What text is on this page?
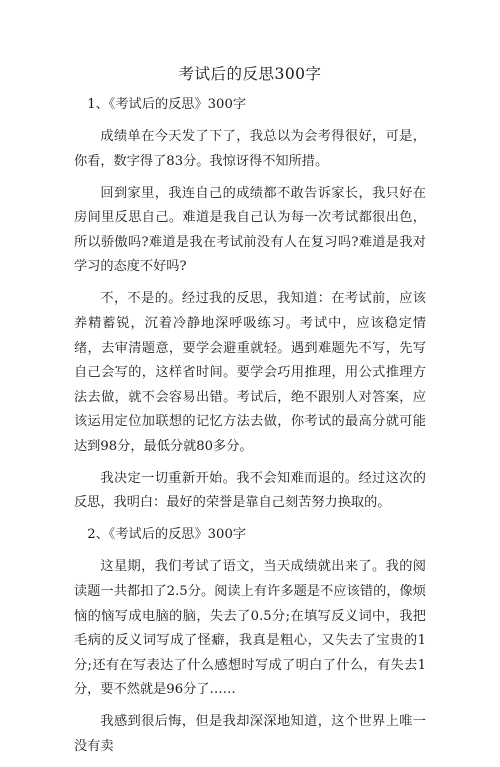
考试后的反思300字

1、《考试后的反思》300字

成绩单在今天发了下了，我总以为会考得很好，可是，你看，数字得了83分。我惊讶得不知所措。

回到家里，我连自己的成绩都不敢告诉家长，我只好在房间里反思自己。难道是我自己认为每一次考试都很出色，所以骄傲吗?难道是我在考试前没有人在复习吗?难道是我对学习的态度不好吗?

不，不是的。经过我的反思，我知道：在考试前，应该养精蓄锐，沉着冷静地深呼吸练习。考试中，应该稳定情绪，去审清题意，要学会避重就轻。遇到难题先不写，先写自己会写的，这样省时间。要学会巧用推理，用公式推理方法去做，就不会容易出错。考试后，绝不跟别人对答案，应该运用定位加联想的记忆方法去做，你考试的最高分就可能达到98分，最低分就80多分。

我决定一切重新开始。我不会知难而退的。经过这次的反思，我明白：最好的荣誉是靠自己刻苦努力换取的。

2、《考试后的反思》300字

这星期，我们考试了语文，当天成绩就出来了。我的阅读题一共都扣了2.5分。阅读上有许多题是不应该错的，像烦恼的恼写成电脑的脑，失去了0.5分;在填写反义词中，我把毛病的反义词写成了怪癖，我真是粗心，又失去了宝贵的1分;还有在写表达了什么感想时写成了明白了什么，有失去1分，要不然就是96分了……

我感到很后悔，但是我却深深地知道，这个世界上唯一没有卖
